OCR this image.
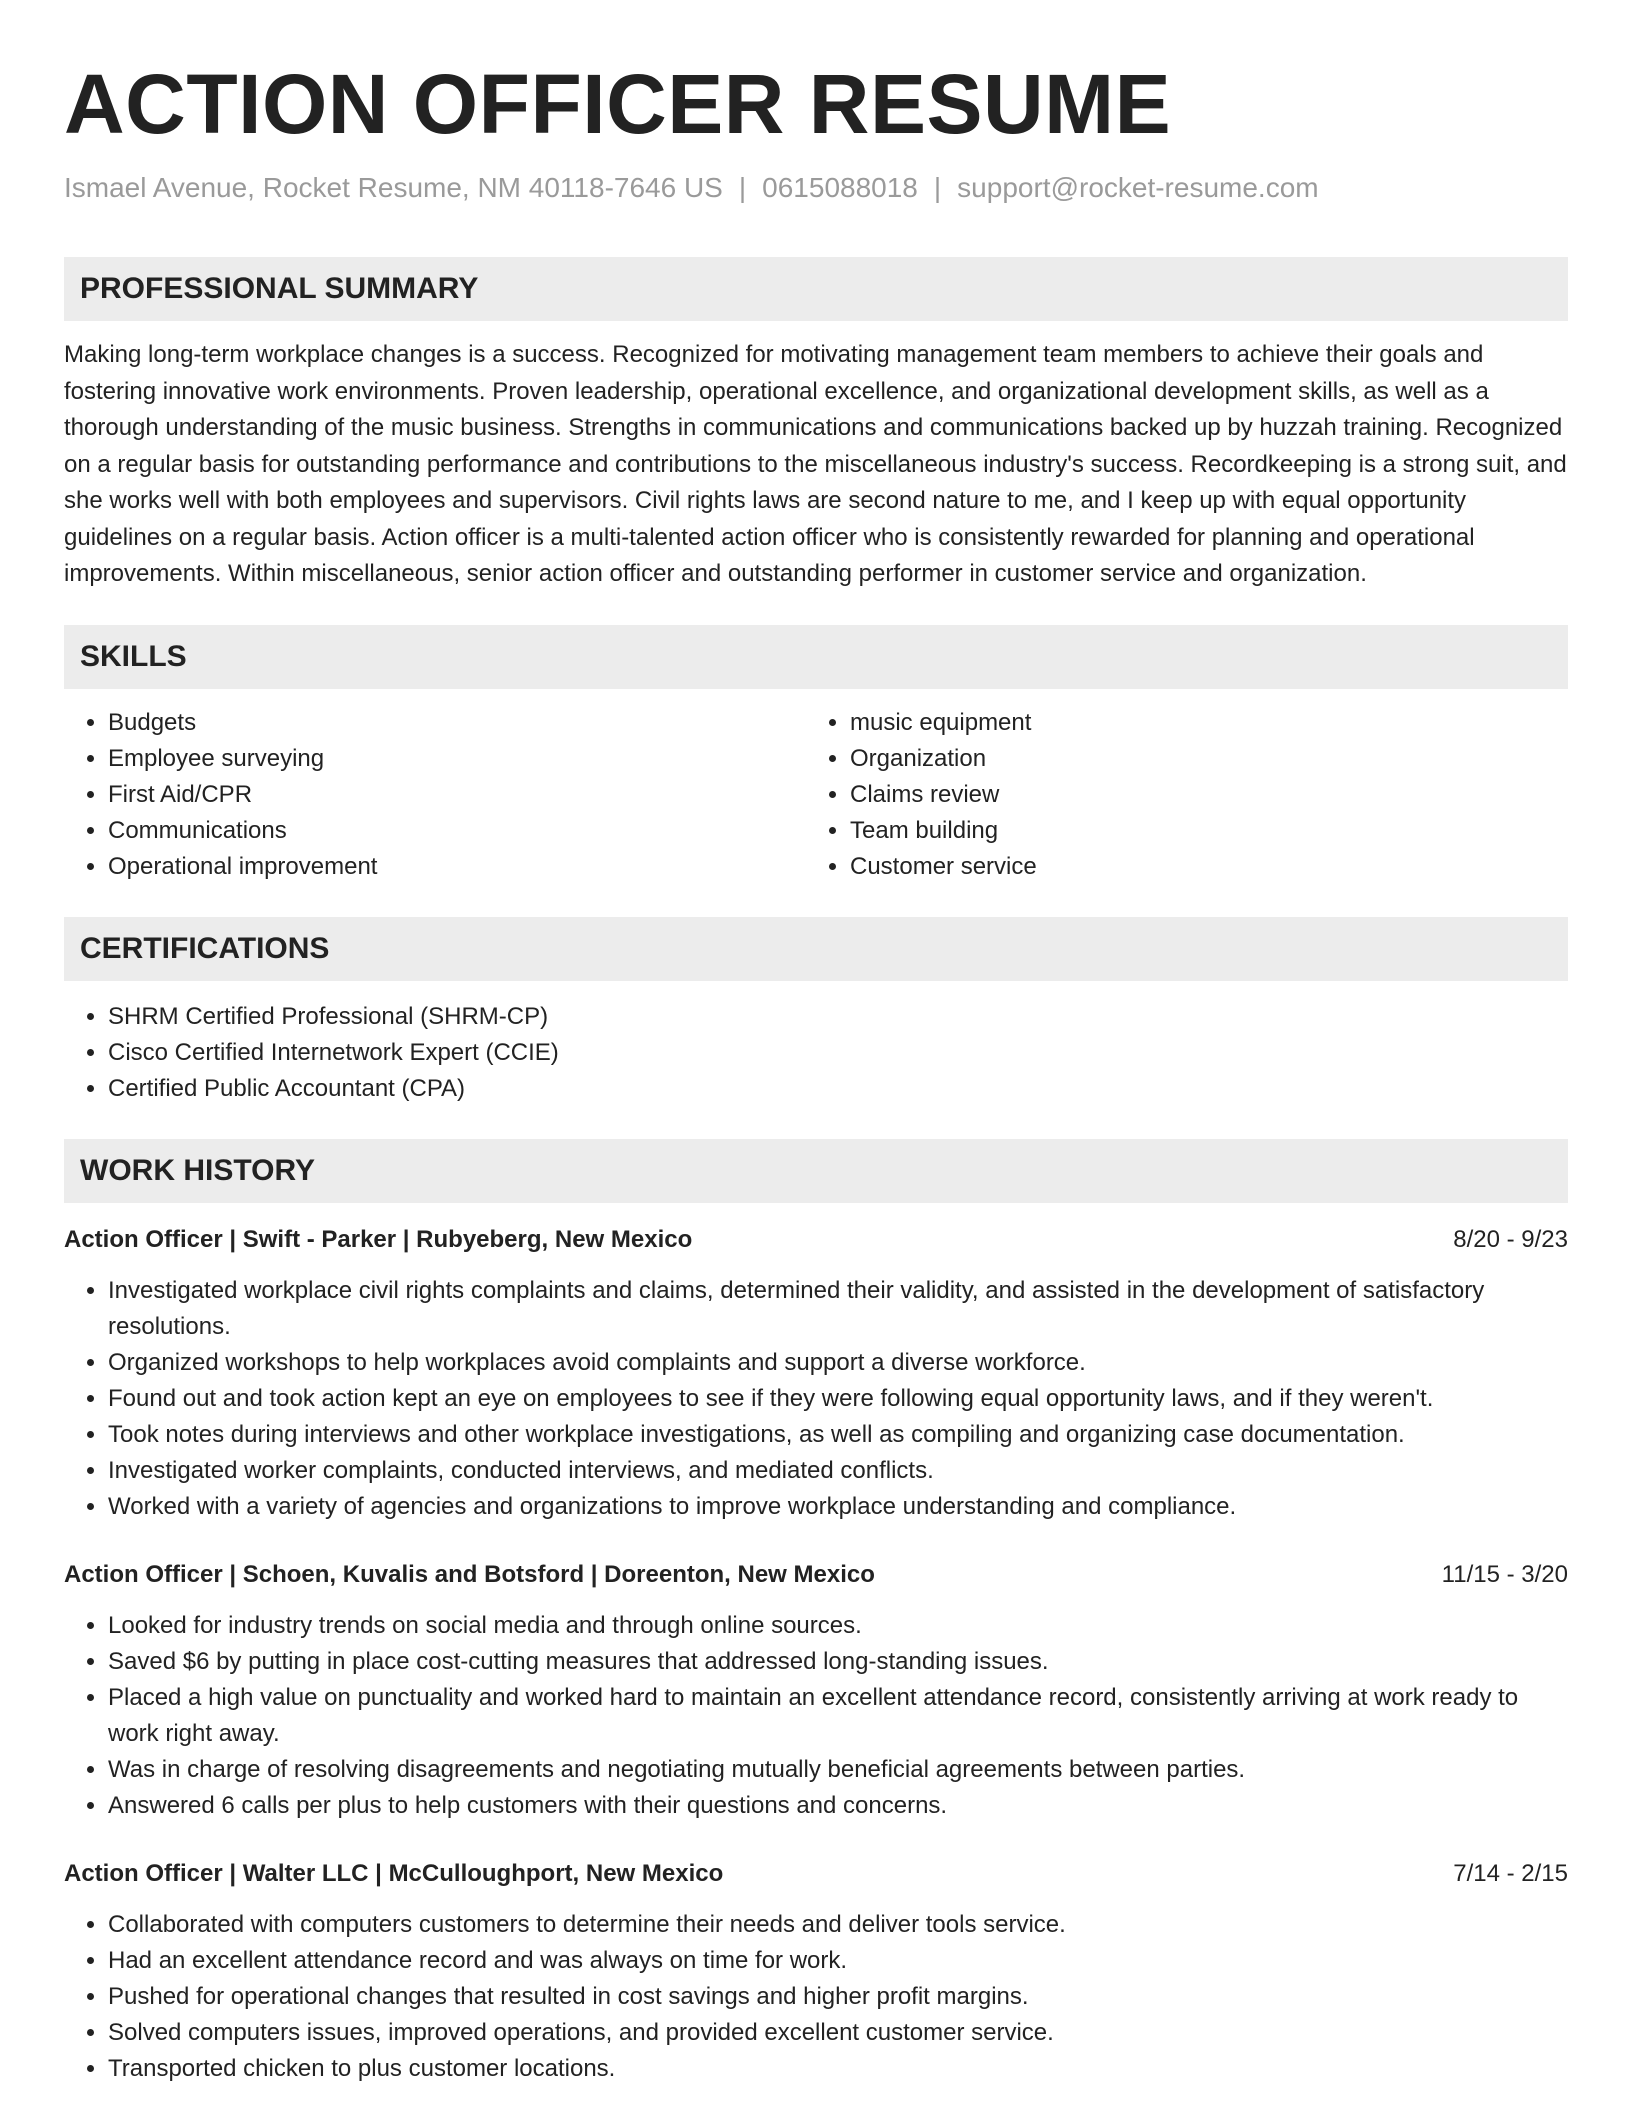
ACTION OFFICER RESUME
Ismael Avenue, Rocket Resume, NM 40118-7646 US | 0615088018 | support@rocket-resume.com
PROFESSIONAL SUMMARY
Making long-term workplace changes is a success. Recognized for motivating management team members to achieve their goals and fostering innovative work environments. Proven leadership, operational excellence, and organizational development skills, as well as a thorough understanding of the music business. Strengths in communications and communications backed up by huzzah training. Recognized on a regular basis for outstanding performance and contributions to the miscellaneous industry's success. Recordkeeping is a strong suit, and she works well with both employees and supervisors. Civil rights laws are second nature to me, and I keep up with equal opportunity guidelines on a regular basis. Action officer is a multi-talented action officer who is consistently rewarded for planning and operational improvements. Within miscellaneous, senior action officer and outstanding performer in customer service and organization.
SKILLS
• Budgets
• Employee surveying
• First Aid/CPR
• Communications
• Operational improvement
• music equipment
• Organization
• Claims review
• Team building
• Customer service
CERTIFICATIONS
• SHRM Certified Professional (SHRM-CP)
• Cisco Certified Internetwork Expert (CCIE)
• Certified Public Accountant (CPA)
WORK HISTORY
Action Officer | Swift - Parker | Rubyeberg, New Mexico	8/20 - 9/23
• Investigated workplace civil rights complaints and claims, determined their validity, and assisted in the development of satisfactory resolutions.
• Organized workshops to help workplaces avoid complaints and support a diverse workforce.
• Found out and took action kept an eye on employees to see if they were following equal opportunity laws, and if they weren't.
• Took notes during interviews and other workplace investigations, as well as compiling and organizing case documentation.
• Investigated worker complaints, conducted interviews, and mediated conflicts.
• Worked with a variety of agencies and organizations to improve workplace understanding and compliance.
Action Officer | Schoen, Kuvalis and Botsford | Doreenton, New Mexico	11/15 - 3/20
• Looked for industry trends on social media and through online sources.
• Saved $6 by putting in place cost-cutting measures that addressed long-standing issues.
• Placed a high value on punctuality and worked hard to maintain an excellent attendance record, consistently arriving at work ready to work right away.
• Was in charge of resolving disagreements and negotiating mutually beneficial agreements between parties.
• Answered 6 calls per plus to help customers with their questions and concerns.
Action Officer | Walter LLC | McCulloughport, New Mexico	7/14 - 2/15
• Collaborated with computers customers to determine their needs and deliver tools service.
• Had an excellent attendance record and was always on time for work.
• Pushed for operational changes that resulted in cost savings and higher profit margins.
• Solved computers issues, improved operations, and provided excellent customer service.
• Transported chicken to plus customer locations.
